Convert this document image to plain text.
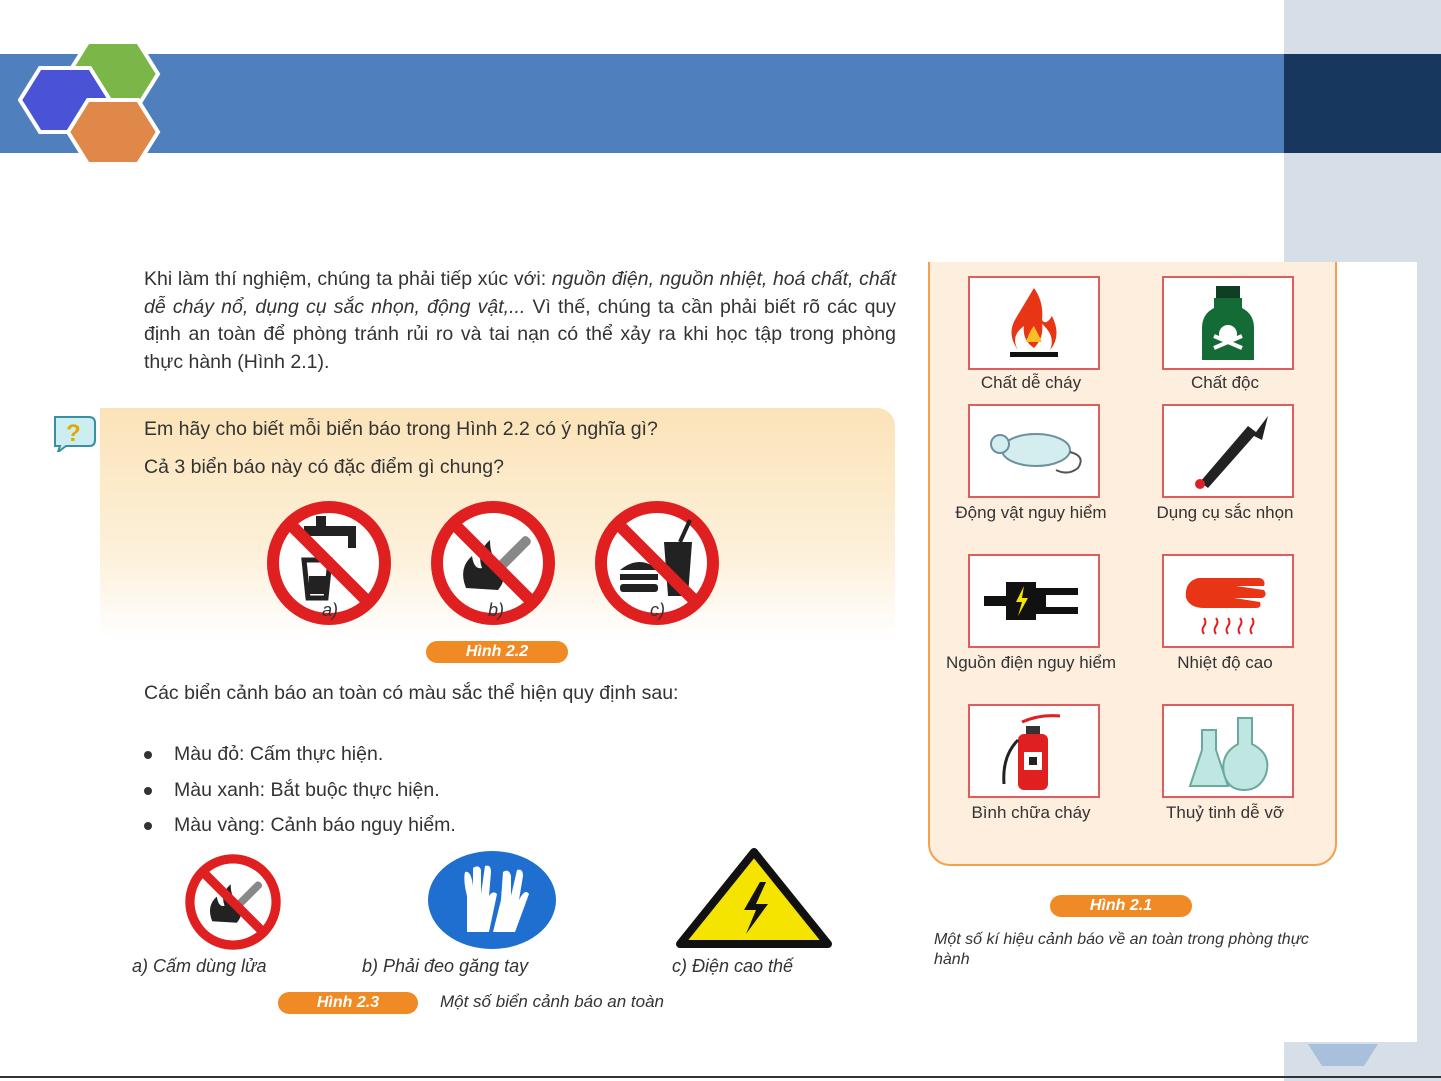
Khi làm thí nghiệm, chúng ta phải tiếp xúc với: nguồn điện, nguồn nhiệt, hoá chất, chất dễ cháy nổ, dụng cụ sắc nhọn, động vật,... Vì thế, chúng ta cần phải biết rõ các quy định an toàn để phòng tránh rủi ro và tai nạn có thể xảy ra khi học tập trong phòng thực hành (Hình 2.1).
?	Em hãy cho biết mỗi biển báo trong Hình 2.2 có ý nghĩa gì?
Cả 3 biển báo này có đặc điểm gì chung?
a)	b)	c)
Hình 2.2
Các biển cảnh báo an toàn có màu sắc thể hiện quy định sau:
Màu đỏ: Cấm thực hiện.
Màu xanh: Bắt buộc thực hiện.
Màu vàng: Cảnh báo nguy hiểm.
a) Cấm dùng lửa	b) Phải đeo găng tay	c) Điện cao thế
Hình 2.3	Một số biển cảnh báo an toàn
Chất dễ cháy	Chất độc
Động vật nguy hiểm	Dụng cụ sắc nhọn
Nguồn điện nguy hiểm	Nhiệt độ cao
Bình chữa cháy	Thuỷ tinh dễ vỡ
Hình 2.1
Một số kí hiệu cảnh báo về an toàn trong phòng thực hành
